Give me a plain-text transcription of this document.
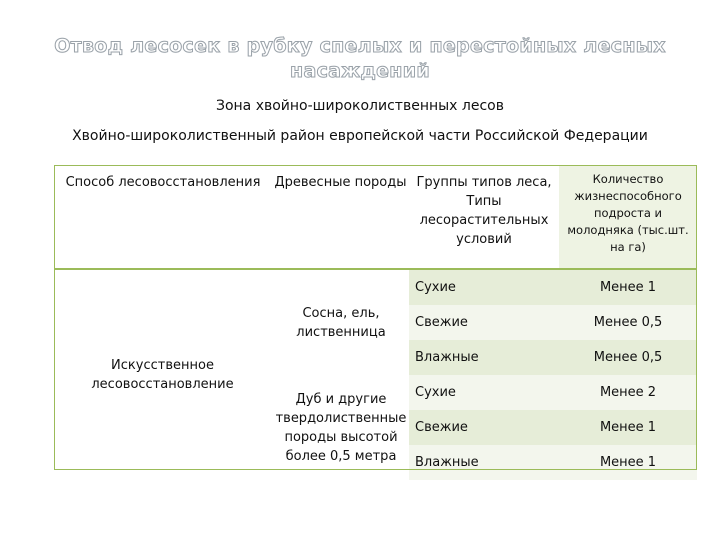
Отвод лесосек в рубку спелых и перестойных лесных насаждений
Зона хвойно-широколиственных лесов
Хвойно-широколиственный район европейской части Российской Федерации
Способ лесовосстановления	Древесные породы	Группы типов леса, Типы лесорастительных условий	Количество жизнеспособного подроста и молодняка (тыс.шт. на га)
Искусственное лесовосстановление	Сосна, ель, лиственница	Сухие	Менее 1
		Свежие	Менее 0,5
		Влажные	Менее 0,5
	Дуб и другие твердолиственные породы высотой более 0,5 метра	Сухие	Менее 2
		Свежие	Менее 1
		Влажные	Менее 1
